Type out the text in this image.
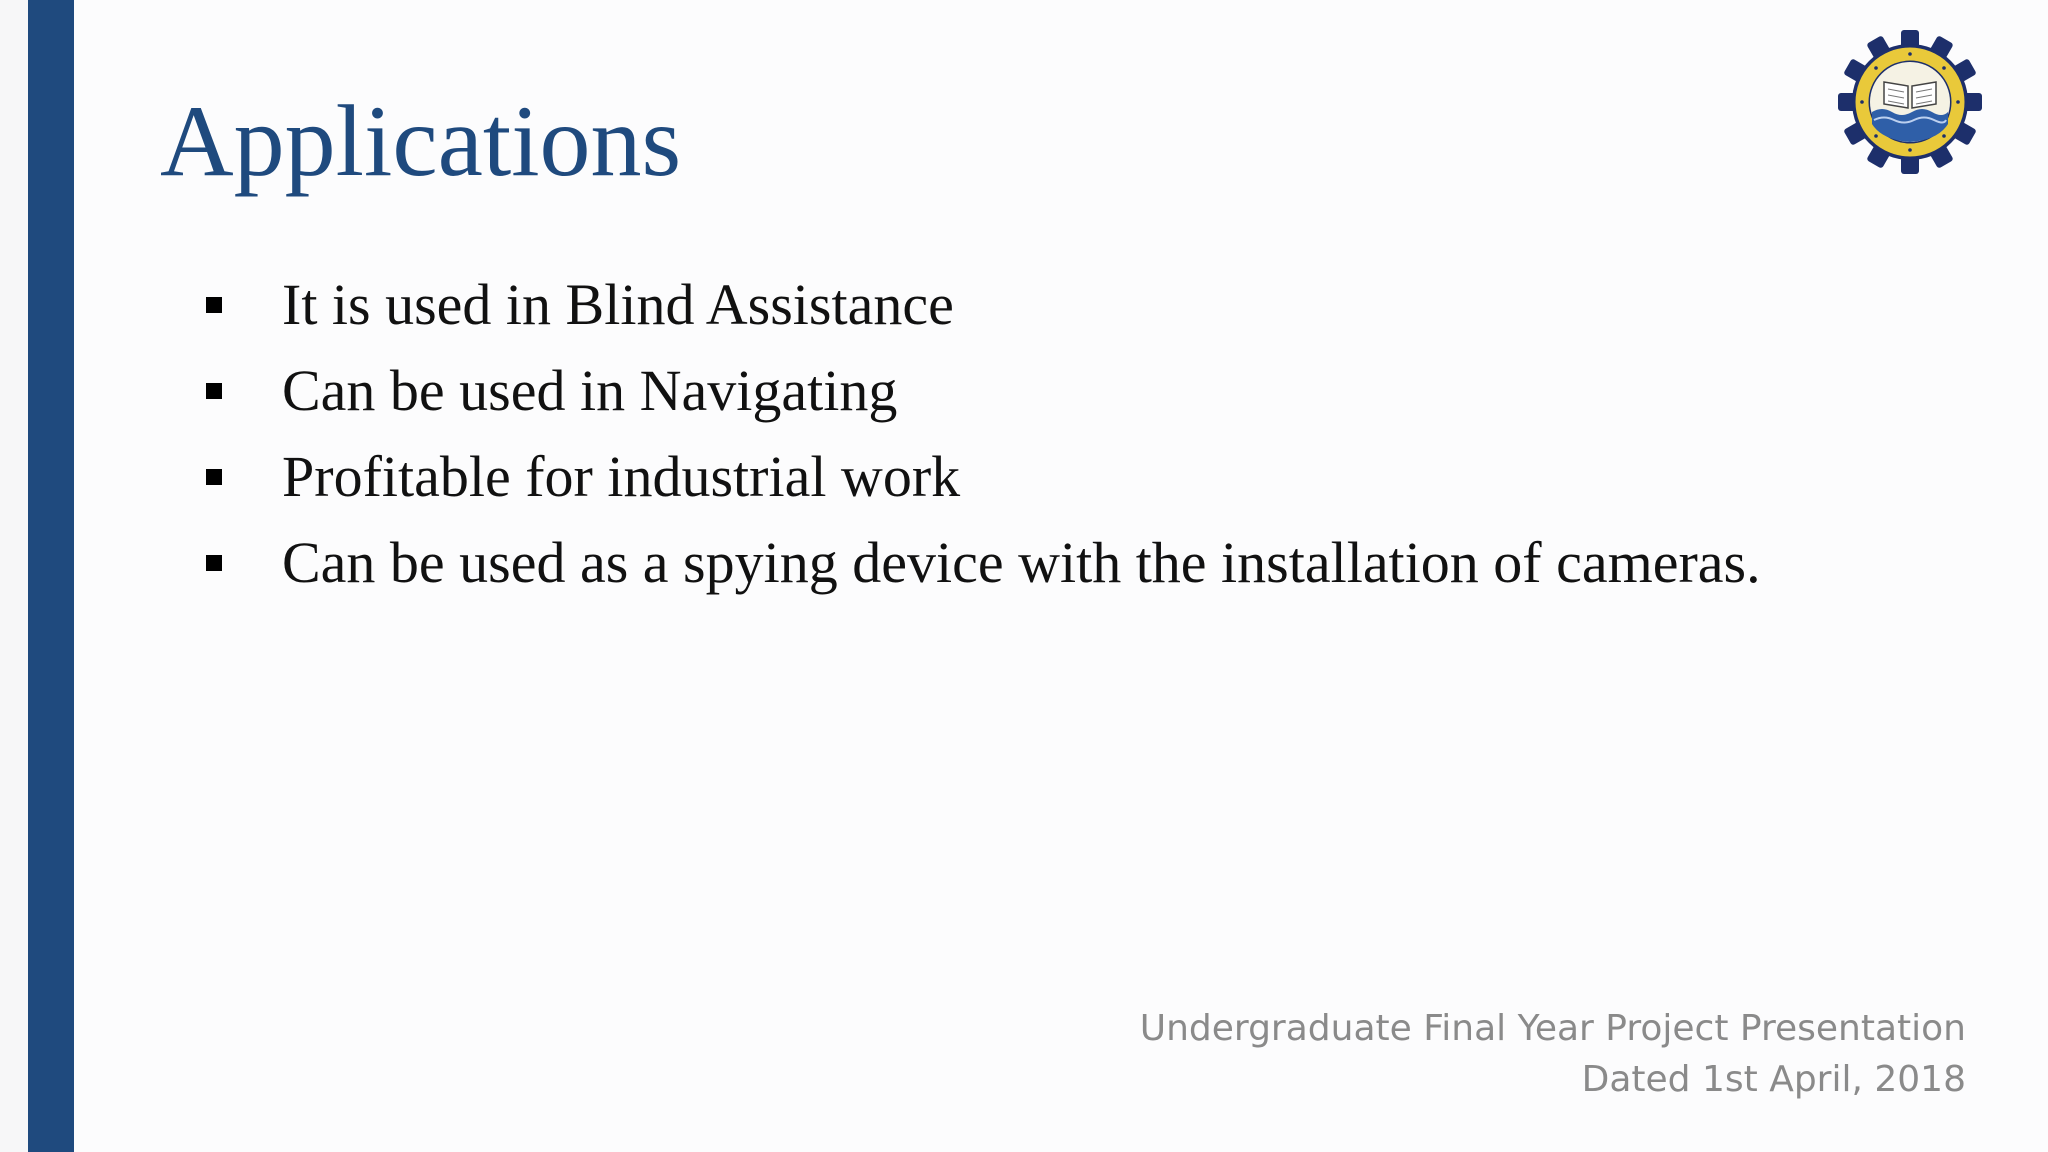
Applications
It is used in Blind Assistance
Can be used in Navigating
Profitable for industrial work
Can be used as a spying device with the installation of cameras.
Undergraduate Final Year Project Presentation
Dated 1st April, 2018
